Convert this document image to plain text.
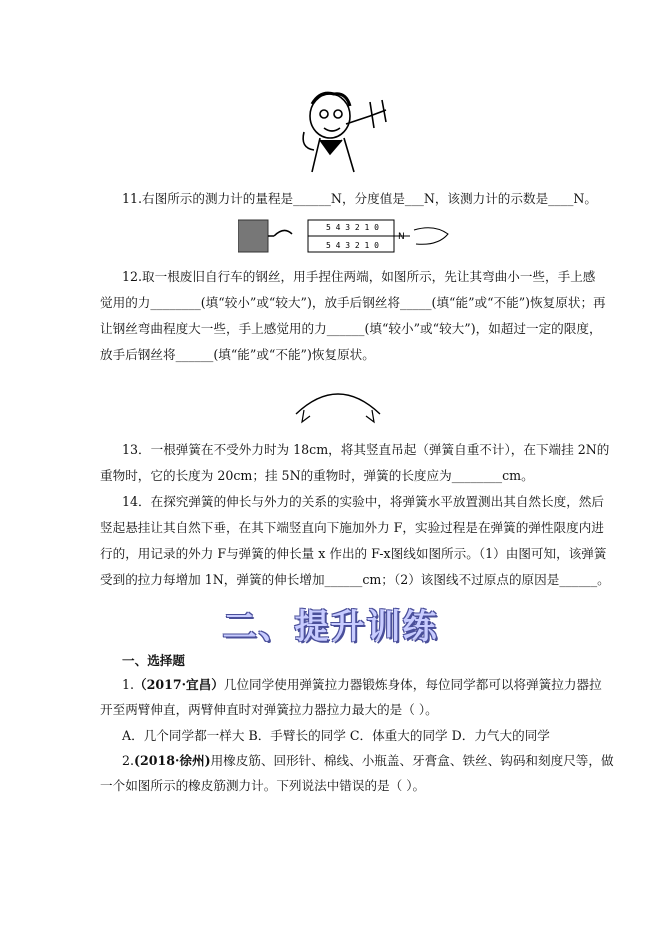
11.右图所示的测力计的量程是______N，分度值是___N，该测力计的示数是____N。
5 4 3 2 1 0
5 4 3 2 1 0
N
12.取一根废旧自行车的钢丝，用手捏住两端，如图所示，先让其弯曲小一些，手上感
觉用的力________(填“较小”或“较大”)，放手后钢丝将_____(填“能”或“不能”)恢复原状；再
让钢丝弯曲程度大一些，手上感觉用的力______(填“较小”或“较大”)，如超过一定的限度，
放手后钢丝将______(填“能”或“不能”)恢复原状。
13．一根弹簧在不受外力时为 18cm，将其竖直吊起（弹簧自重不计），在下端挂 2N的
重物时，它的长度为 20cm；挂 5N的重物时，弹簧的长度应为________cm。
14．在探究弹簧的伸长与外力的关系的实验中，将弹簧水平放置测出其自然长度，然后
竖起悬挂让其自然下垂，在其下端竖直向下施加外力 F，实验过程是在弹簧的弹性限度内进
行的，用记录的外力 F与弹簧的伸长量 x 作出的 F-x图线如图所示。（1）由图可知，该弹簧
受到的拉力每增加 1N，弹簧的伸长增加______cm；（2）该图线不过原点的原因是______。
二、提升训练
一、选择题
1.（2017·宜昌）几位同学使用弹簧拉力器锻炼身体，每位同学都可以将弹簧拉力器拉
开至两臂伸直，两臂伸直时对弹簧拉力器拉力最大的是（ ）。
A．几个同学都一样大 B．手臂长的同学 C．体重大的同学 D．力气大的同学
2.(2018·徐州)用橡皮筋、回形针、棉线、小瓶盖、牙膏盒、铁丝、钩码和刻度尺等，做
一个如图所示的橡皮筋测力计。下列说法中错误的是（ ）。
